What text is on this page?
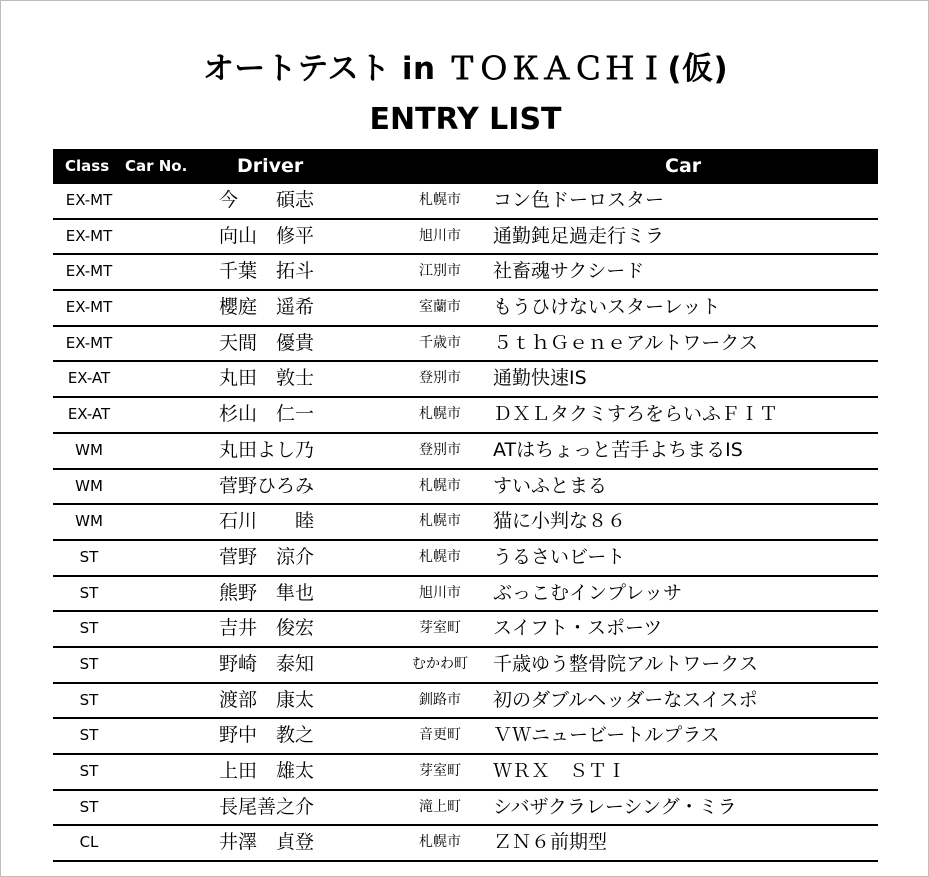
オートテスト in ＴＯＫＡＣＨＩ(仮)
ENTRY LIST
Class Car No.	Driver	Car
EX-MT	今　　碩志	札幌市	コン色ドーロスター
EX-MT	向山　修平	旭川市	通勤鈍足過走行ミラ
EX-MT	千葉　拓斗	江別市	社畜魂サクシード
EX-MT	櫻庭　遥希	室蘭市	もうひけないスターレット
EX-MT	天間　優貴	千歳市	５ｔｈＧｅｎｅアルトワークス
EX-AT	丸田　敦士	登別市	通勤快速IS
EX-AT	杉山　仁一	札幌市	ＤＸＬタクミすろをらいふＦＩＴ
WM	丸田よし乃	登別市	ATはちょっと苦手よちまるIS
WM	菅野ひろみ	札幌市	すいふとまる
WM	石川　　睦	札幌市	猫に小判な８６
ST	菅野　涼介	札幌市	うるさいビート
ST	熊野　隼也	旭川市	ぶっこむインプレッサ
ST	吉井　俊宏	芽室町	スイフト・スポーツ
ST	野崎　泰知	むかわ町	千歳ゆう整骨院アルトワークス
ST	渡部　康太	釧路市	初のダブルヘッダーなスイスポ
ST	野中　教之	音更町	ＶＷニュービートルプラス
ST	上田　雄太	芽室町	ＷＲＸ　ＳＴＩ
ST	長尾善之介	滝上町	シバザクラレーシング・ミラ
CL	井澤　貞登	札幌市	ＺＮ６前期型
